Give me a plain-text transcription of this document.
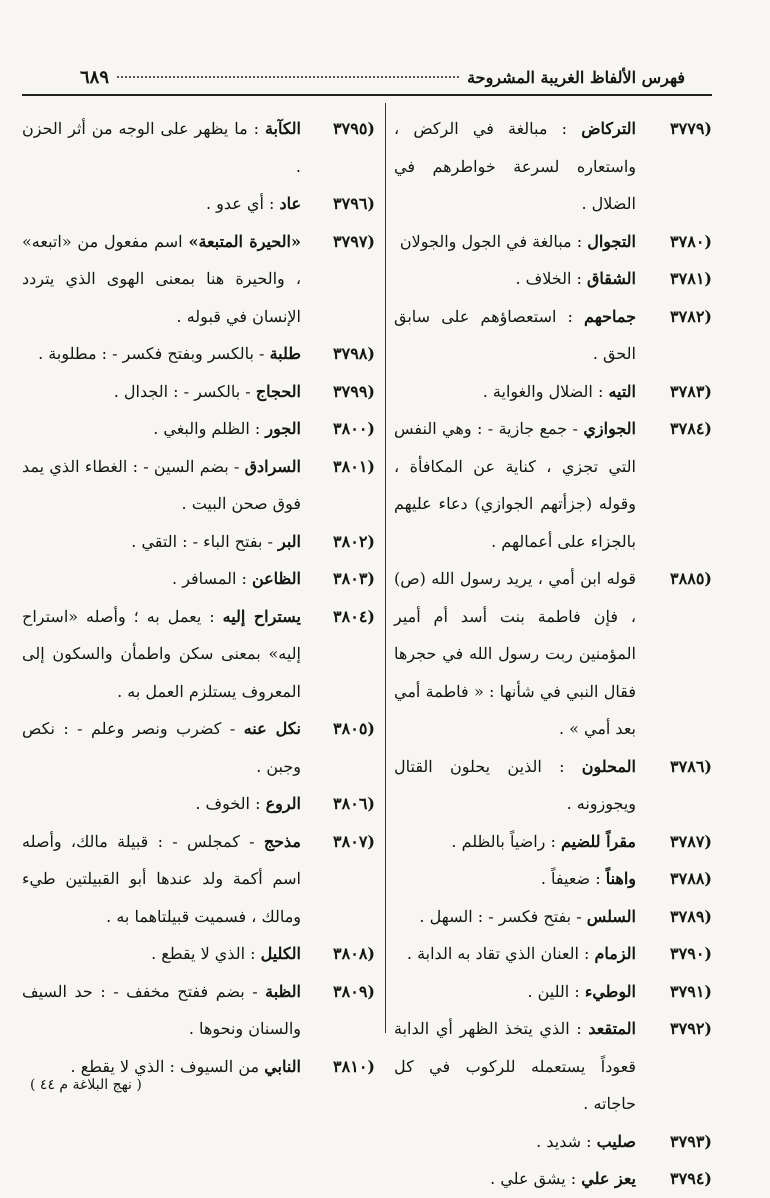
فهرس الألفاظ الغريبة المشروحة
٦٨٩
(٣٧٧٩
التركاض : مبالغة في الركض ، واستعاره لسرعة خواطرهم في الضلال .
(٣٧٨٠
التجوال : مبالغة في الجول والجولان
(٣٧٨١
الشقاق : الخلاف .
(٣٧٨٢
جماحهم : استعصاؤهم على سابق الحق .
(٣٧٨٣
التيه : الضلال والغواية .
(٣٧٨٤
الجوازي - جمع جازية - : وهي النفس التي تجزي ، كناية عن المكافأة ، وقوله (جزأتهم الجوازي) دعاء عليهم بالجزاء على أعمالهم .
(٣٨٨٥
قوله ابن أمي ، يريد رسول الله (ص) ، فإن فاطمة بنت أسد أم أمير المؤمنين ربت رسول الله في حجرها فقال النبي في شأنها : « فاطمة أمي بعد أمي » .
(٣٧٨٦
المحلون : الذين يحلون القتال ويجوزونه .
(٣٧٨٧
مقراً للضيم : راضياً بالظلم .
(٣٧٨٨
واهناً : ضعيفاً .
(٣٧٨٩
السلس - بفتح فكسر - : السهل .
(٣٧٩٠
الزمام : العنان الذي تقاد به الدابة .
(٣٧٩١
الوطيء : اللين .
(٣٧٩٢
المتقعد : الذي يتخذ الظهر أي الدابة قعوداً يستعمله للركوب في كل حاجاته .
(٣٧٩٣
صليب : شديد .
(٣٧٩٤
يعز علي : يشق علي .
(٣٧٩٥
الكآبة : ما يظهر على الوجه من أثر الحزن .
(٣٧٩٦
عاد : أي عدو .
(٣٧٩٧
«الحيرة المتبعة» اسم مفعول من «اتبعه» ، والحيرة هنا بمعنى الهوى الذي يتردد الإنسان في قبوله .
(٣٧٩٨
طلبة - بالكسر وبفتح فكسر - : مطلوبة .
(٣٧٩٩
الحجاج - بالكسر - : الجدال .
(٣٨٠٠
الجور : الظلم والبغي .
(٣٨٠١
السرادق - بضم السين - : الغطاء الذي يمد فوق صحن البيت .
(٣٨٠٢
البر - بفتح الباء - : التقي .
(٣٨٠٣
الظاعن : المسافر .
(٣٨٠٤
يستراح إليه : يعمل به ؛ وأصله «استراح إليه» بمعنى سكن واطمأن والسكون إلى المعروف يستلزم العمل به .
(٣٨٠٥
نكل عنه - كضرب ونصر وعلم - : نكص وجبن .
(٣٨٠٦
الروع : الخوف .
(٣٨٠٧
مذحج - كمجلس - : قبيلة مالك، وأصله اسم أكمة ولد عندها أبو القبيلتين طيء ومالك ، فسميت قبيلتاهما به .
(٣٨٠٨
الكليل : الذي لا يقطع .
(٣٨٠٩
الظبة - بضم ففتح مخفف - : حد السيف والسنان ونحوها .
(٣٨١٠
النابي من السيوف : الذي لا يقطع .
( نهج البلاغة م ٤٤ )
